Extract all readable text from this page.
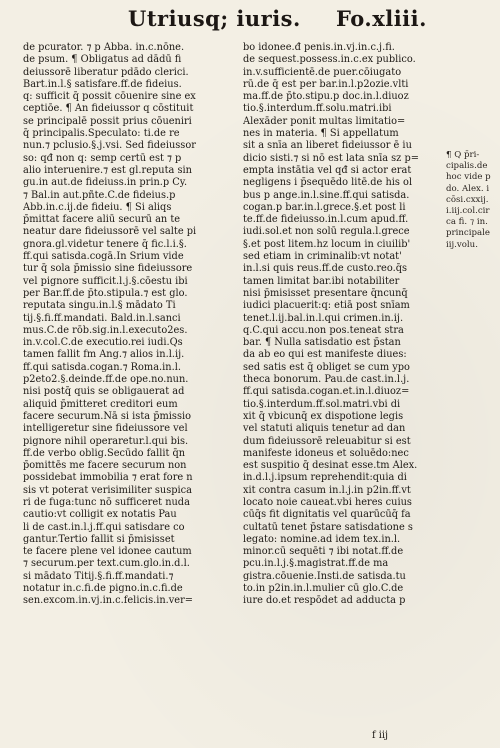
Utriusq; iuris. Fo.xliii.
de pcurator. ⁊ p Abba. in.c.nōne.
de psum. ¶ Obligatus ad dādū fi
deiussorē liberatur pdādo clerici.
Bart.in.l.§ satisfare.ff.de fideius.
q: sufficit q̄ possit cōuenire sine ex
ceptiōe. ¶ An fideiussor q cōstituit
se principalē possit prius cōueniri
q̄ principalis.Speculato: ti.de re
nun.⁊ pclusio.§.j.vsi. Sed fideiussor
so: qđ non q: semp certū est ⁊ p
alio interuenire.⁊ est gl.reputa sin
gu.in aut.de fideiuss.in prin.p Cy.
⁊ Bal.in aut.pñte.C.de fideius.p
Abb.in.c.ij.de fideiu. ¶ Si aliqs
p̄mittat facere aliū securū an te
neatur dare fideiussorē vel salte pi
gnora.gl.videtur tenere q̄ fic.l.i.§.
ff.qui satisda.cogā.In Srium vide
tur q̄ sola p̄missio sine fideiussore
vel pignore sufficit.l.j.§.cōestu ibi
per Bar.ff.de p̄to.stipula.⁊ est glo.
reputata singu.in.l.§ mādato Ti
tij.§.fi.ff.mandati. Bald.in.l.sanci
mus.C.de rōb.sig.in.l.executo2es.
in.v.col.C.de executio.rei iudi.Q̄s
tamen fallit fm Ang.⁊ alios in.l.ij.
ff.qui satisda.cogan.⁊ Roma.in.l.
p2eto2.§.deinde.ff.de ope.no.nun.
nisi postq̄ quis se obligauerat ad
aliquid p̄mitteret creditori eum
facere securum.Nā si ista p̄missio
intelligeretur sine fideiussore vel
pignore nihil operaretur.l.qui bis.
ff.de verbo oblig.Secūdo fallit q̄n
p̄omittēs me facere securum non
possidebat immobilia ⁊ erat fore n
sis vt poterat verisimiliter suspica
ri de fuga:tunc nō sufficeret nuda
cautio:vt colligit ex notatis Pau
li de cast.in.l.j.ff.qui satisdare co
gantur.Tertio fallit si p̄misisset
te facere plene vel idonee cautum
⁊ securum.per text.cum.glo.in.d.l.
si mādato Titij.§.fi.ff.mandati.⁊
notatur in.c.fi.de pigno.in.c.fi.de
sen.excom.in.vj.in.c.felicis.in.ver=
bo idonee.đ penis.in.vj.in.c.j.fi.
de sequest.possess.in.c.ex publico.
in.v.sufficientē.de puer.cōiugato
rū.de q̄ est per bar.in.l.p2ozie.vlti
ma.ff.de p̄to.stipu.p doc.in.l.diuoz
tio.§.interdum.ff.solu.matri.ibi
Alexāder ponit multas limitatio=
nes in materia. ¶ Si appellatum
sit a snīa an liberet fideiussor ē iu
dicio sisti.⁊ si nō est lata snīa sz p=
empta instātia vel qđ si actor erat
negligens i p̄sequēdo litē.de his ol
bus p ange.in.l.sine.ff.qui satisda.
cogan.p bar.in.l.grece.§.et post li
te.ff.de fideiusso.in.l.cum apud.ff.
iudi.sol.et non solū regula.l.grece
§.et post litem.hz locum in ciuilib'
sed etiam in criminalib:vt notat'
in.l.si quis reus.ff.de custo.reo.q̄s
tamen limitat bar.ibi notabiliter
nisi p̄misisset presentare q̄ncunq̄
iudici placuerit:q: etiā post snīam
tenet.l.ij.bal.in.l.qui crimen.in.ij.
q.C.qui accu.non pos.teneat stra
bar. ¶ Nulla satisdatio est p̄stan
da ab eo qui est manifeste diues:
sed satis est q̄ obliget se cum ypo
theca bonorum. Pau.de cast.in.l.j.
ff.qui satisda.cogan.et.in.l.diuoz=
tio.§.interdum.ff.sol.matri.vbi di
xit q̄ vbicunq̄ ex dispotione legis
vel statuti aliquis tenetur ad dan
dum fideiussorē releuabitur si est
manifeste idoneus et soluēdo:nec
est suspitio q̄ desinat esse.tm Alex.
in.d.l.j.ipsum reprehendit:quia di
xit contra casum in.l.j.in p2in.ff.vt
locato noie caueat.vbi heres cuius
cūq̄s fit dignitatis vel quarūcūq̄ fa
cultatū tenet̄ p̄stare satisdatione s
legato: nomine.ad idem tex.in.l.
minor.cū sequēti ⁊ ibi notat̄.ff.de
pcu.in.l.j.§.magistrat̄.ff.de ma
gistra.cōuenie.Insti.de satisda.tu
to.in p2in.in.l.mulier cū glo.C.de
iure do.et respōdet ad adducta p
¶ Q̄ p̄ri-
cipalis.de
hoc vide p
do. Alex. i
cōsi.cxxij.
i.iij.col.cir
ca fi. ⁊ in.
principale
iij.volu.
f iij
